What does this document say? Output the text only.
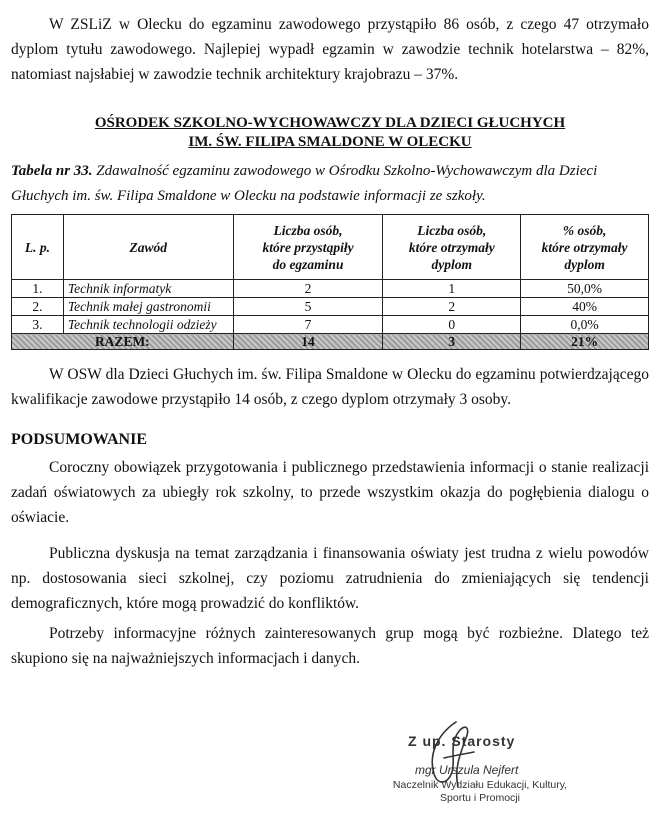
W ZSLiZ w Olecku do egzaminu zawodowego przystąpiło 86 osób, z czego 47 otrzymało dyplom tytułu zawodowego. Najlepiej wypadł egzamin w zawodzie technik hotelarstwa – 82%, natomiast najsłabiej w zawodzie technik architektury krajobrazu – 37%.

OŚRODEK SZKOLNO-WYCHOWAWCZY DLA DZIECI GŁUCHYCH
IM. ŚW. FILIPA SMALDONE W OLECKU
Tabela nr 33. Zdawalność egzaminu zawodowego w Ośrodku Szkolno-Wychowawczym dla Dzieci Głuchych im. św. Filipa Smaldone w Olecku na podstawie informacji ze szkoły.
L. p.	Zawód	Liczba osób,
które przystąpiły
do egzaminu	Liczba osób,
które otrzymały
dyplom	% osób,
które otrzymały
dyplom
1.	Technik informatyk	2	1	50,0%
2.	Technik małej gastronomii	5	2	40%
3.	Technik technologii odzieży	7	0	0,0%
RAZEM:		14	3	21%

W OSW dla Dzieci Głuchych im. św. Filipa Smaldone w Olecku do egzaminu potwierdzającego kwalifikacje zawodowe przystąpiło 14 osób, z czego dyplom otrzymały 3 osoby.

PODSUMOWANIE

Coroczny obowiązek przygotowania i publicznego przedstawienia informacji o stanie realizacji zadań oświatowych za ubiegły rok szkolny, to przede wszystkim okazja do pogłębienia dialogu o oświacie.

Publiczna dyskusja na temat zarządzania i finansowania oświaty jest trudna z wielu powodów np. dostosowania sieci szkolnej, czy poziomu zatrudnienia do zmieniających się tendencji demograficznych, które mogą prowadzić do konfliktów.

Potrzeby informacyjne różnych zainteresowanych grup mogą być rozbieżne. Dlatego też skupiono się na najważniejszych informacjach i danych.

Z up. Starosty
mgr Urszula Nejfert
Naczelnik Wydziału Edukacji, Kultury,
Sportu i Promocji
